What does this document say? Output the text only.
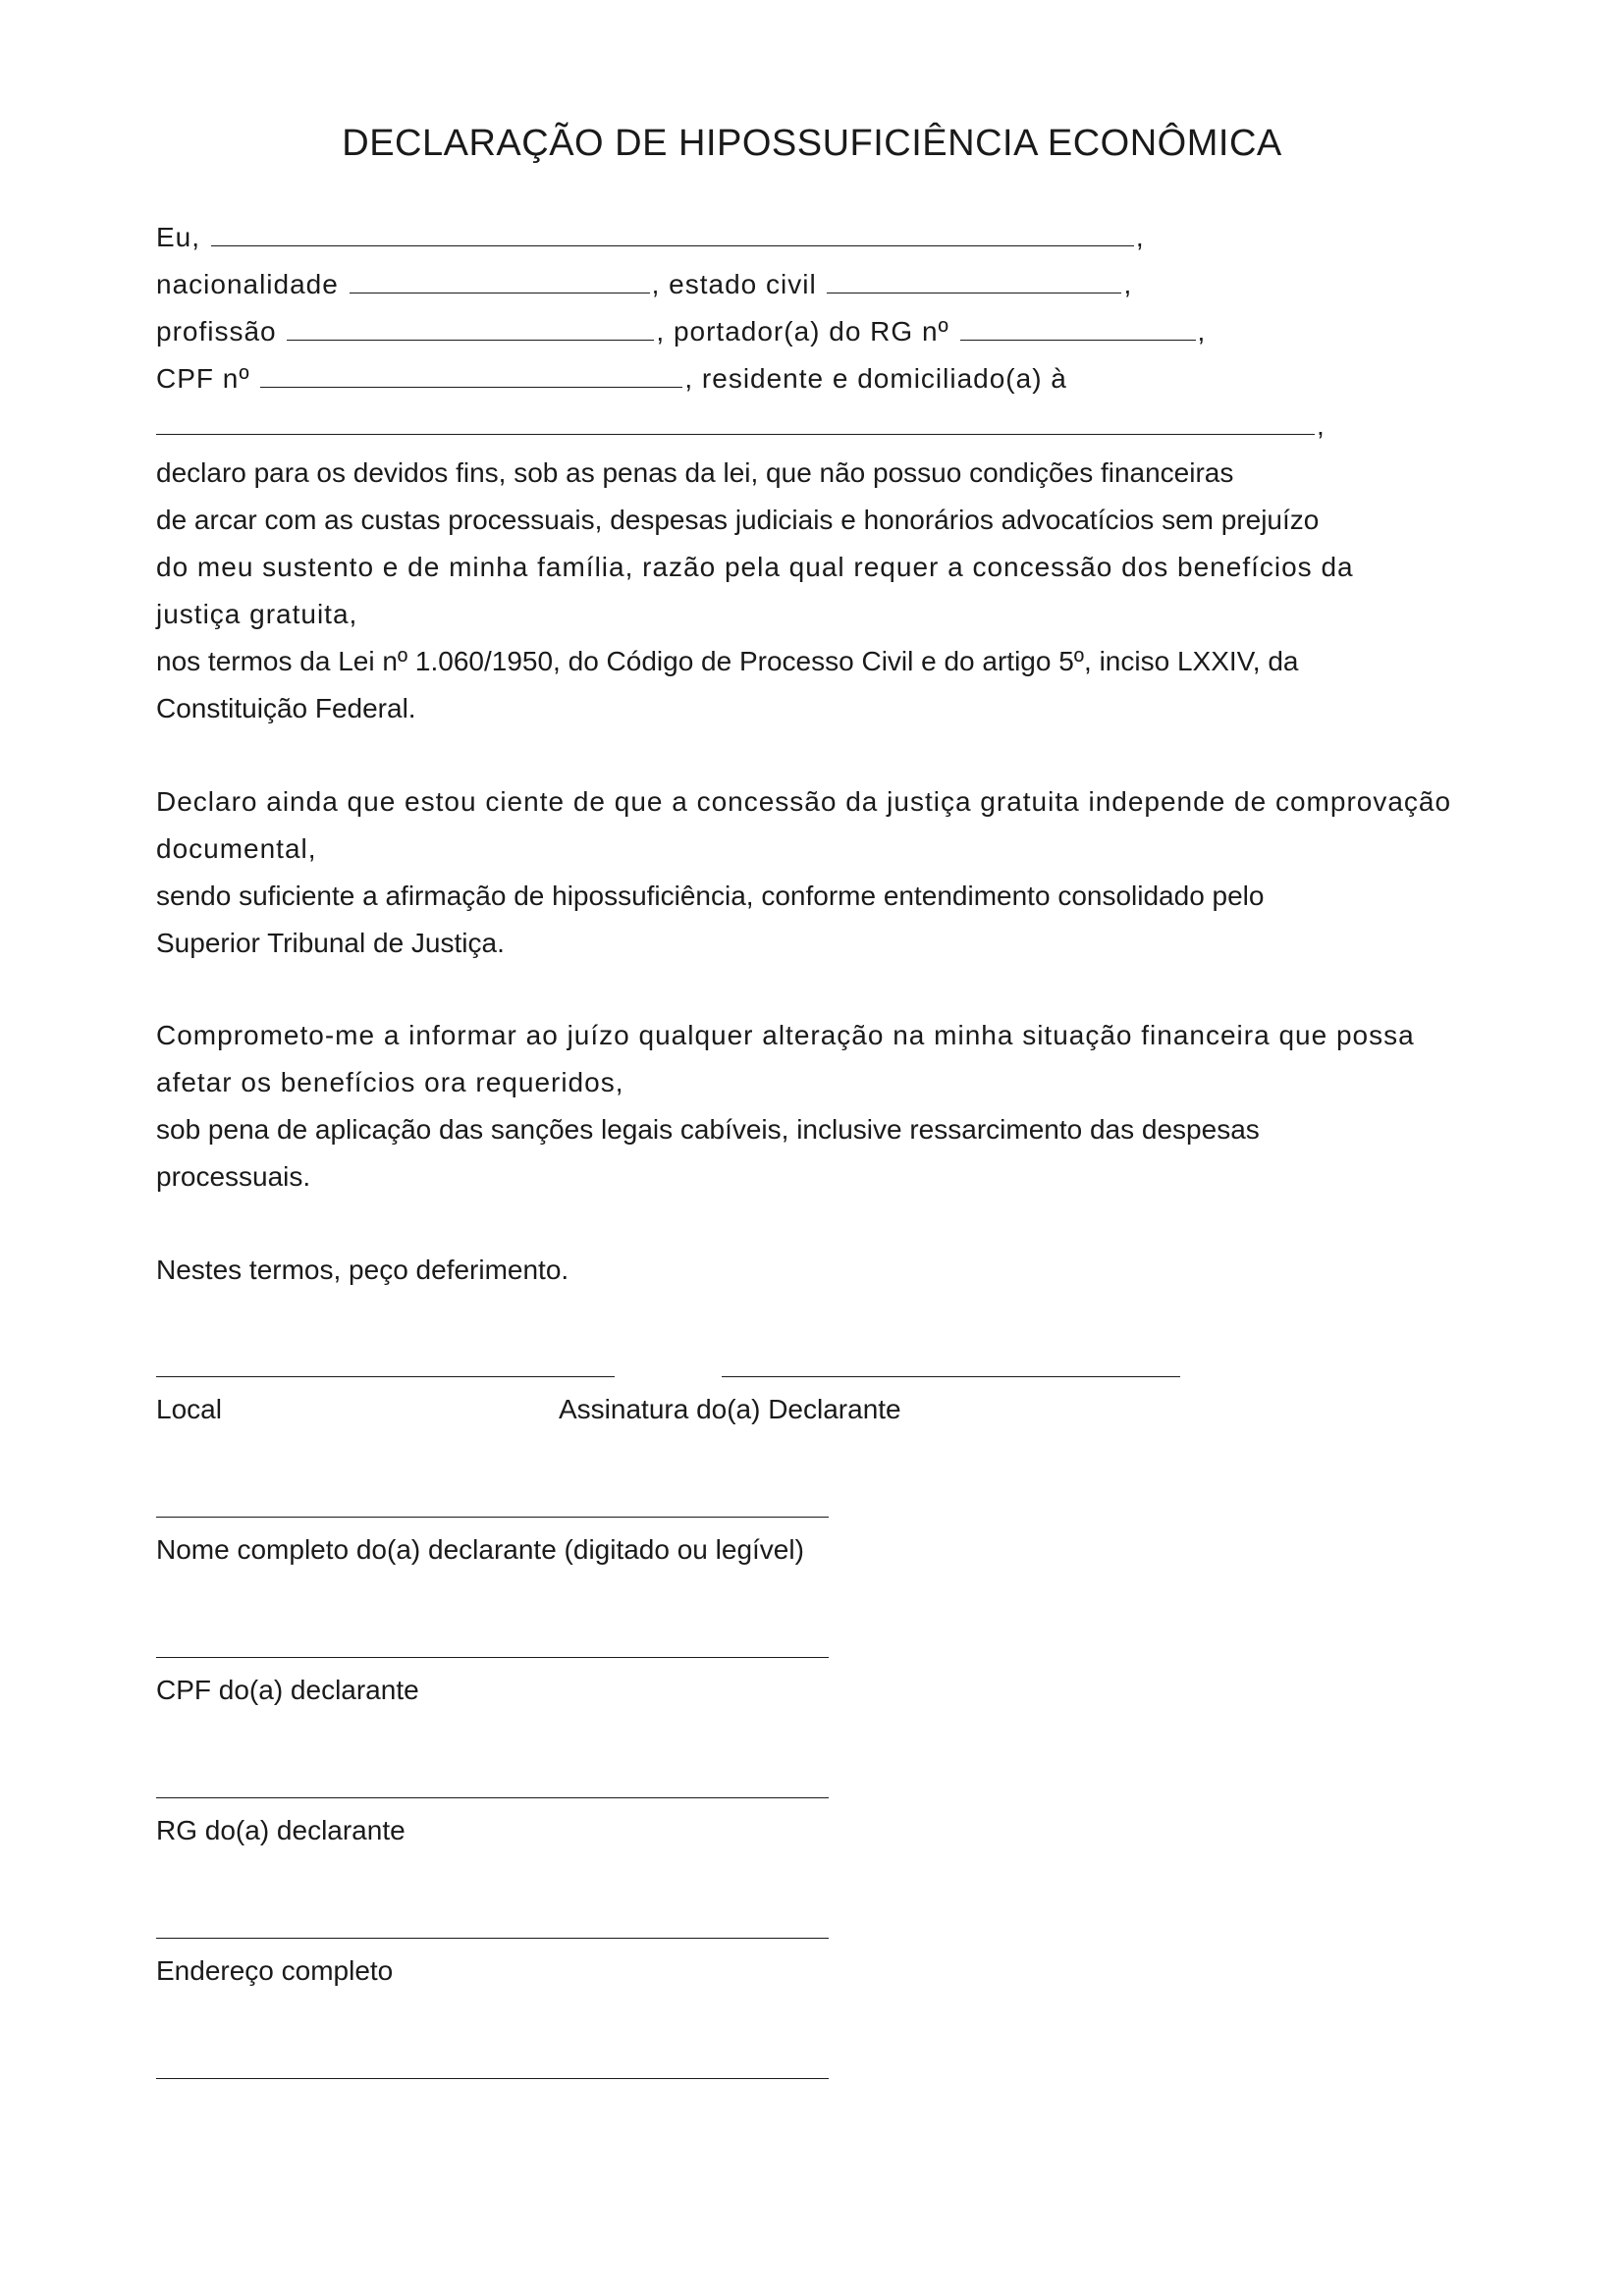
DECLARAÇÃO DE HIPOSSUFICIÊNCIA ECONÔMICA
Eu,	,
nacionalidade	, estado civil	,
profissão	, portador(a) do RG nº	,
CPF nº	, residente e domiciliado(a) à
,
declaro para os devidos fins, sob as penas da lei, que não possuo condições financeiras
de arcar com as custas processuais, despesas judiciais e honorários advocatícios sem prejuízo
do meu sustento e de minha família, razão pela qual requer a concessão dos benefícios da
justiça gratuita,
nos termos da Lei nº 1.060/1950, do Código de Processo Civil e do artigo 5º, inciso LXXIV, da
Constituição Federal.
Declaro ainda que estou ciente de que a concessão da justiça gratuita independe de comprovação
documental,
sendo suficiente a afirmação de hipossuficiência, conforme entendimento consolidado pelo
Superior Tribunal de Justiça.
Comprometo-me a informar ao juízo qualquer alteração na minha situação financeira que possa
afetar os benefícios ora requeridos,
sob pena de aplicação das sanções legais cabíveis, inclusive ressarcimento das despesas
processuais.
Nestes termos, peço deferimento.
Local	Assinatura do(a) Declarante
Nome completo do(a) declarante (digitado ou legível)
CPF do(a) declarante
RG do(a) declarante
Endereço completo
